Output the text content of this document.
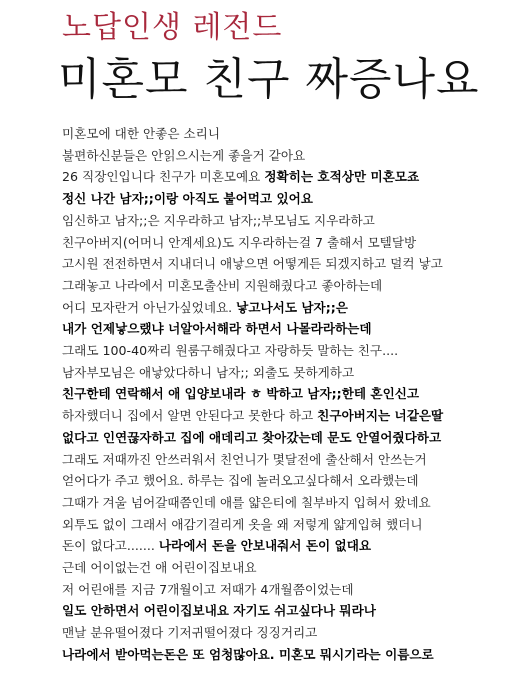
노답인생 레전드
미혼모 친구 짜증나요
미혼모에 대한 안좋은 소리니
불편하신분들은 안읽으시는게 좋을거 같아요
26 직장인입니다 친구가 미혼모예요 정확히는 호적상만 미혼모죠
정신 나간 남자;;이랑 아직도 붙어먹고 있어요
임신하고 남자;;은 지우라하고 남자;;부모님도 지우라하고
친구아버지(어머니 안계세요)도 지우라하는걸 7 출해서 모텔달방
고시원 전전하면서 지내더니 애낳으면 어떻게든 되겠지하고 덜컥 낳고
그래놓고 나라에서 미혼모출산비 지원해줬다고 좋아하는데
어디 모자란거 아닌가싶었네요. 낳고나서도 남자;;은
내가 언제낳으랬냐 너알아서해라 하면서 나몰라라하는데
그래도 100-40짜리 원룸구해줬다고 자랑하듯 말하는 친구....
남자부모님은 애낳았다하니 남자;; 외출도 못하게하고
친구한테 연락해서 애 입양보내라 ㅎ 박하고 남자;;한테 혼인신고
하자했더니 집에서 알면 안된다고 못한다 하고 친구아버지는 너같은딸
없다고 인연끊자하고 집에 애데리고 찾아갔는데 문도 안열어줬다하고
그래도 저때까진 안쓰러워서 친언니가 몇달전에 출산해서 안쓰는거
얻어다가 주고 했어요. 하루는 집에 놀러오고싶다해서 오라했는데
그때가 겨울 넘어갈때쯤인데 애를 얇은티에 칠부바지 입혀서 왔네요
외투도 없이 그래서 애감기걸리게 옷을 왜 저렇게 얇게입혀 했더니
돈이 없다고....... 나라에서 돈을 안보내줘서 돈이 없대요
근데 어이없는건 애 어린이집보내요
저 어린애를 지금 7개월이고 저때가 4개월쯤이었는데
일도 안하면서 어린이집보내요 자기도 쉬고싶다나 뭐라나
맨날 분유떨어졌다 기저귀떨어졌다 징징거리고
나라에서 받아먹는돈은 또 엄청많아요. 미혼모 뭐시기라는 이름으로
